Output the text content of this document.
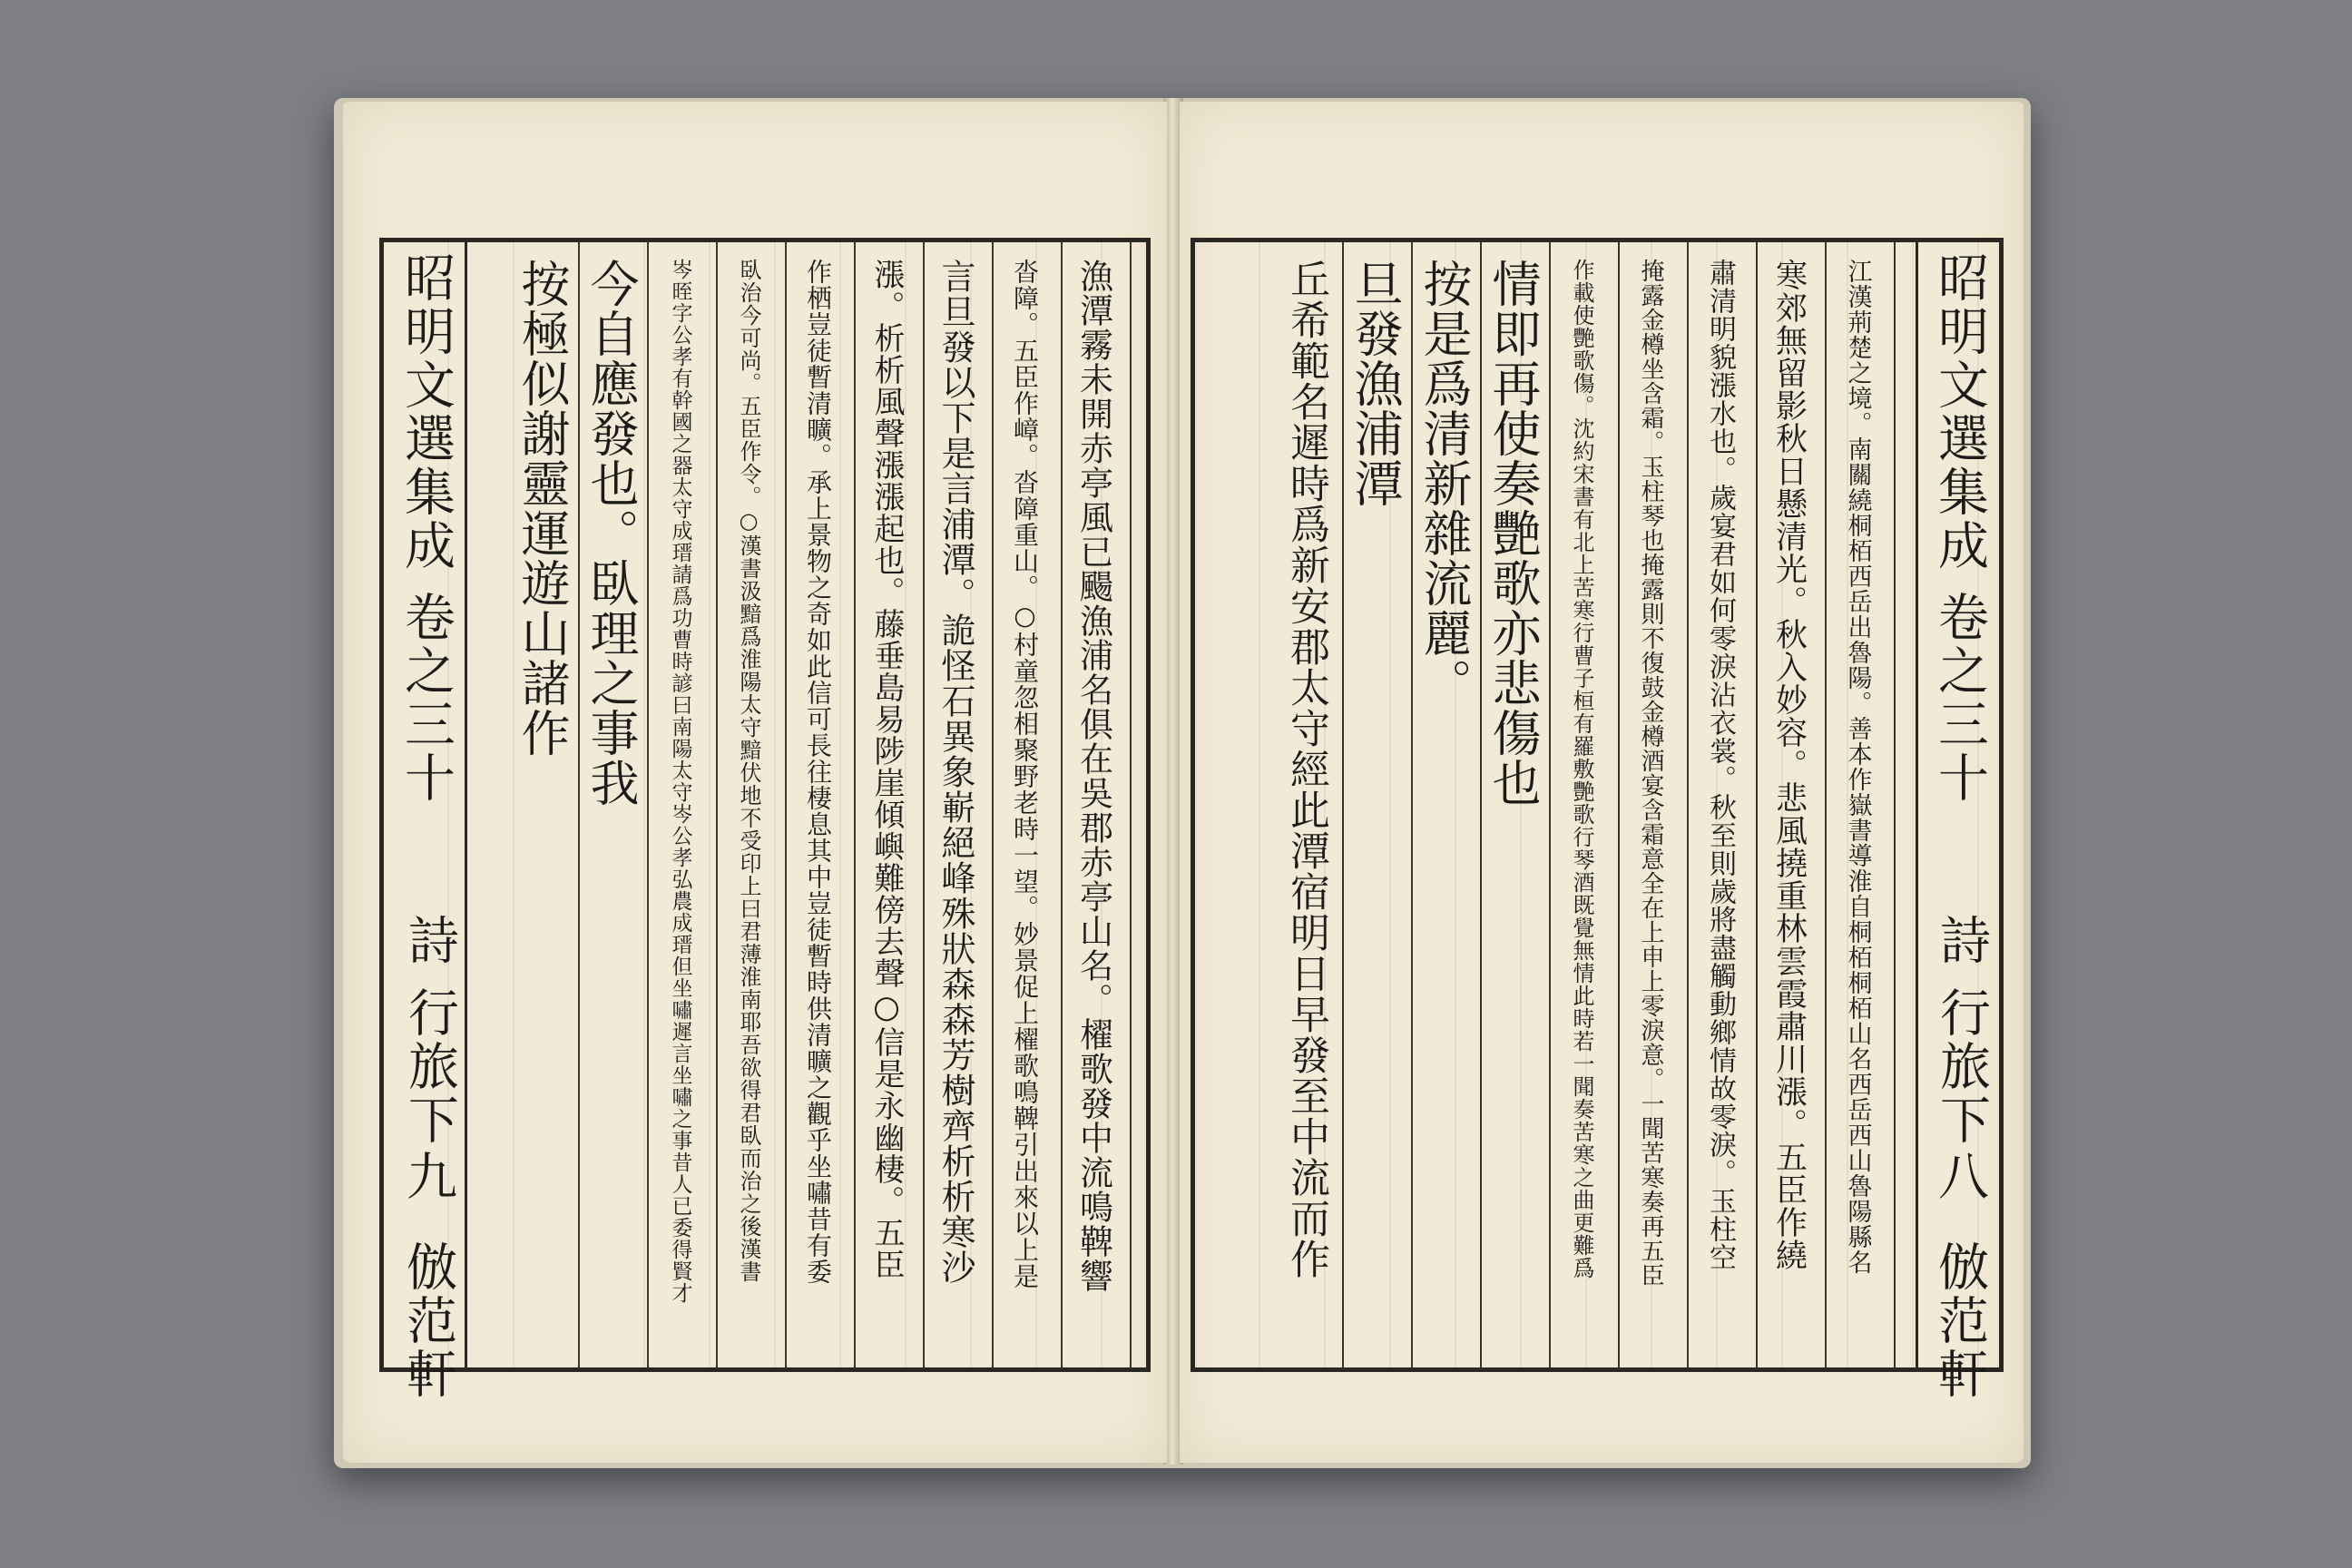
漁潭霧未開赤亭風已颺漁浦名俱在吳郡赤亭山名。櫂歌發中流鳴鞞響
沓障。五臣作嶂。沓障重山。○村童忽相聚野老時一望。妙景促上櫂歌鳴鞞引出來以上是
言旦發以下是言浦潭。詭怪石異象嶄絕峰殊狀森森芳樹齊析析寒沙
漲。析析風聲漲漲起也。藤垂島易陟崖傾嶼難傍去聲○信是永幽棲。五臣
作栖豈徒暫清曠。承上景物之奇如此信可長往棲息其中豈徒暫時供清曠之觀乎坐嘯昔有委
臥治今可尚。五臣作令。○漢書汲黯爲淮陽太守黯伏地不受印上曰君薄淮南耶吾欲得君臥而治之後漢書
岑晊字公孝有幹國之器太守成瑨請爲功曹時諺曰南陽太守岑公孝弘農成瑨但坐嘯遲言坐嘯之事昔人已委得賢才
今自應發也。臥理之事我
按極似謝靈運遊山諸作
昭明文選集成
卷之三十
詩
行旅下
九
倣范軒
江漢荊楚之境。南關繞桐栢西岳出魯陽。善本作嶽書導淮自桐栢桐栢山名西岳西山魯陽縣名
寒郊無留影秋日懸清光。秋入妙容。悲風撓重林雲霞肅川漲。五臣作繞
肅清明貌漲水也。歲宴君如何零淚沾衣裳。秋至則歲將盡觸動鄉情故零淚。玉柱空
掩露金樽坐含霜。玉柱琴也掩露則不復鼓金樽酒宴含霜意全在上申上零淚意。一聞苦寒奏再五臣
作載使艷歌傷。沈約宋書有北上苦寒行曹子桓有羅敷艷歌行琴酒既覺無情此時若一聞奏苦寒之曲更難爲
情即再使奏艷歌亦悲傷也
按是爲清新雜流麗。
旦發漁浦潭
丘希範名遲時爲新安郡太守經此潭宿明日早發至中流而作	昭明文選集成
卷之三十
詩
行旅下
八
倣范軒
